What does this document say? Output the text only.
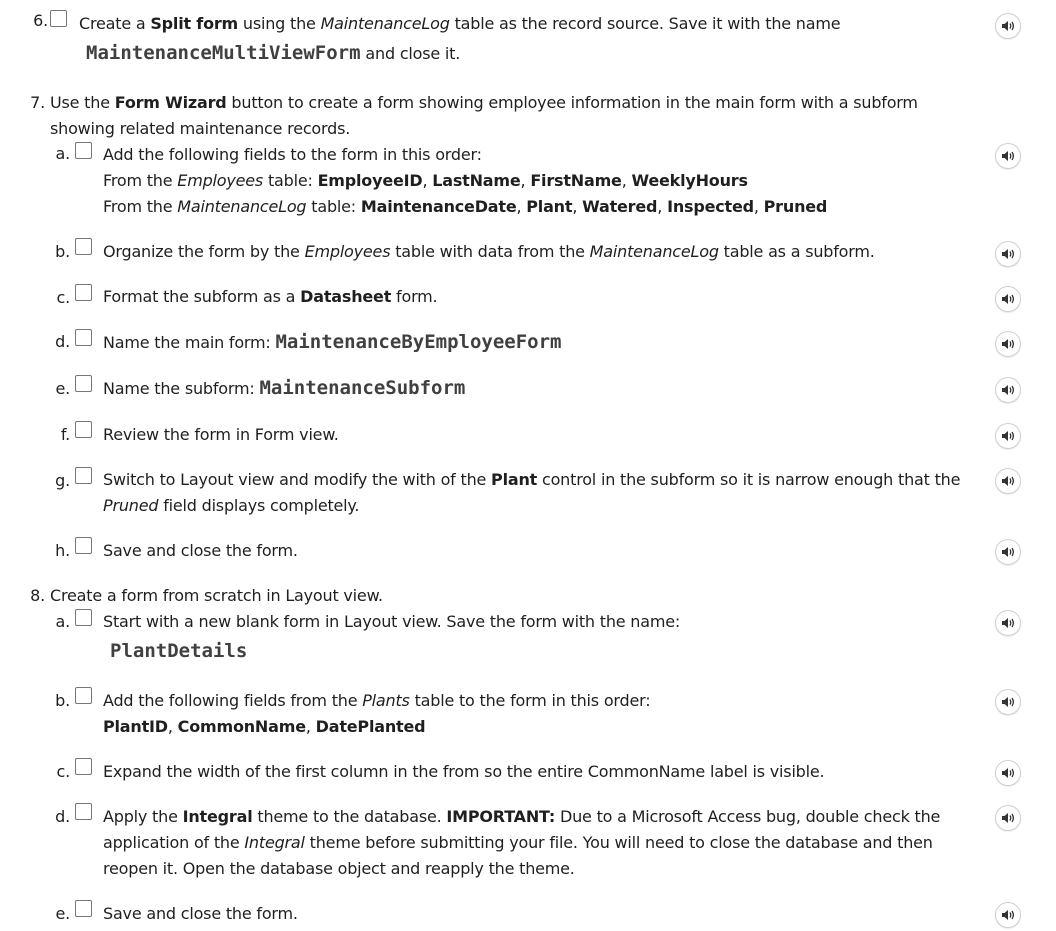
6. Create a Split form using the MaintenanceLog table as the record source. Save it with the name
MaintenanceMultiViewForm and close it.
7. Use the Form Wizard button to create a form showing employee information in the main form with a subform
showing related maintenance records.
a. Add the following fields to the form in this order:
From the Employees table: EmployeeID, LastName, FirstName, WeeklyHours
From the MaintenanceLog table: MaintenanceDate, Plant, Watered, Inspected, Pruned
b. Organize the form by the Employees table with data from the MaintenanceLog table as a subform.
c. Format the subform as a Datasheet form.
d. Name the main form: MaintenanceByEmployeeForm
e. Name the subform: MaintenanceSubform
f. Review the form in Form view.
g. Switch to Layout view and modify the with of the Plant control in the subform so it is narrow enough that the
Pruned field displays completely.
h. Save and close the form.
8. Create a form from scratch in Layout view.
a. Start with a new blank form in Layout view. Save the form with the name:
PlantDetails
b. Add the following fields from the Plants table to the form in this order:
PlantID, CommonName, DatePlanted
c. Expand the width of the first column in the from so the entire CommonName label is visible.
d. Apply the Integral theme to the database. IMPORTANT: Due to a Microsoft Access bug, double check the
application of the Integral theme before submitting your file. You will need to close the database and then
reopen it. Open the database object and reapply the theme.
e. Save and close the form.
